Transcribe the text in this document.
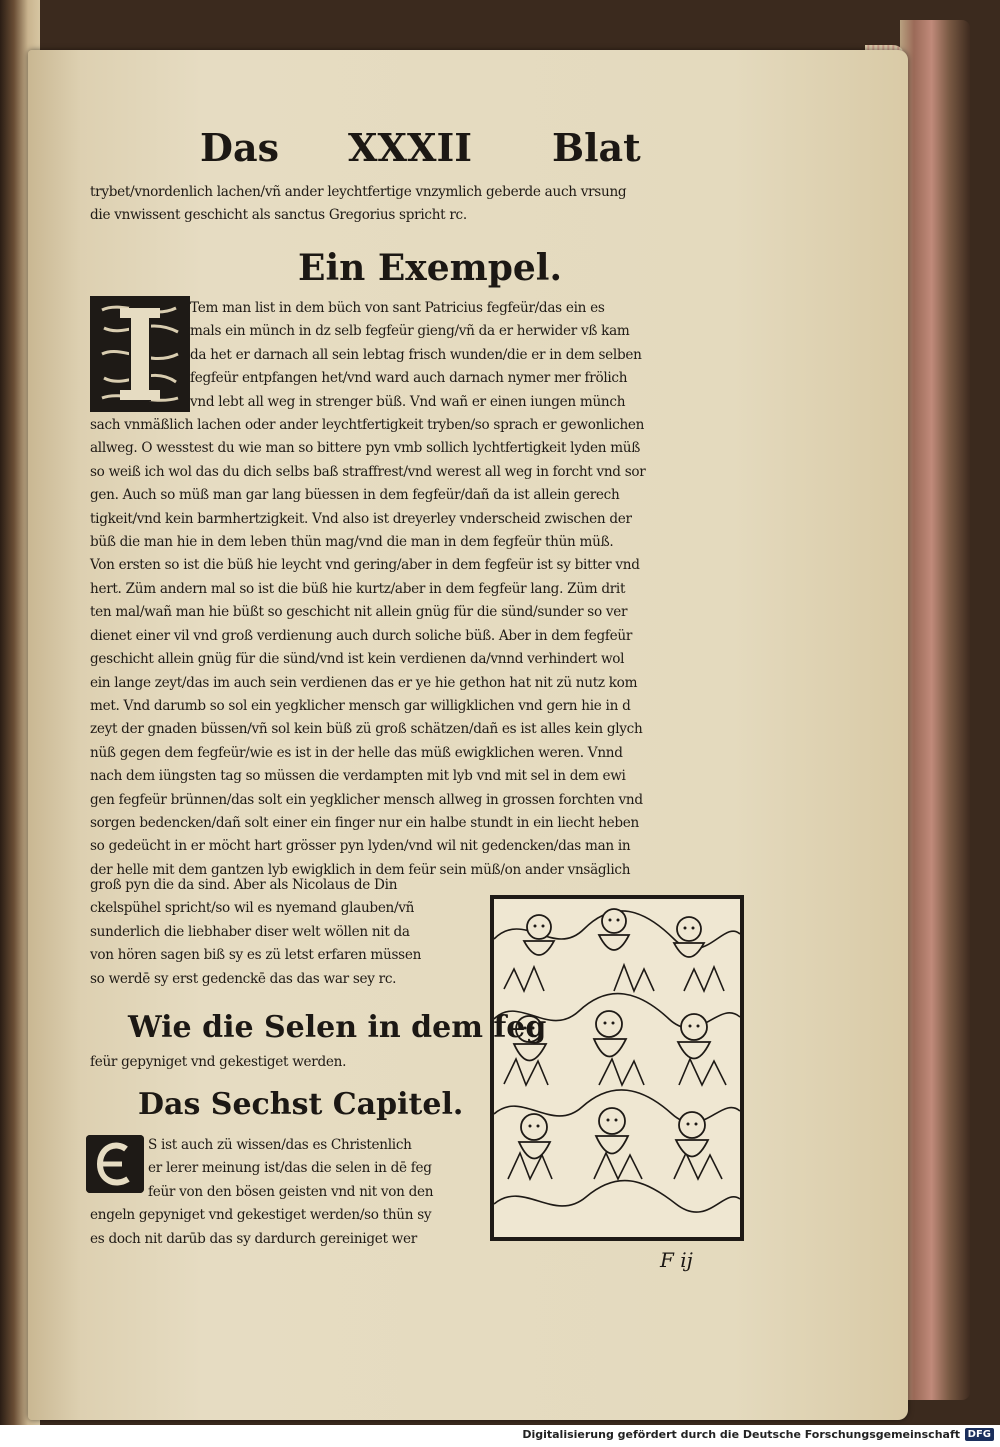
Das XXXII Blat
trybet/vnordenlich lachen/vñ ander leychtfertige vnzymlich geberde auch vrsung
die vnwissent geschicht als sanctus Gregorius spricht rc.
Ein Exempel.
Tem man list in dem büch von sant Patricius fegfeür/das ein es
mals ein münch in dz selb fegfeür gieng/vñ da er herwider vß kam
da het er darnach all sein lebtag frisch wunden/die er in dem selben
fegfeür entpfangen het/vnd ward auch darnach nymer mer frölich
vnd lebt all weg in strenger büß. Vnd wañ er einen iungen münch
sach vnmäßlich lachen oder ander leychtfertigkeit tryben/so sprach er gewonlichen
allweg. O wesstest du wie man so bittere pyn vmb sollich lychtfertigkeit lyden müß
so weiß ich wol das du dich selbs baß straffrest/vnd werest all weg in forcht vnd sor
gen. Auch so müß man gar lang büessen in dem fegfeür/dañ da ist allein gerech
tigkeit/vnd kein barmhertzigkeit. Vnd also ist dreyerley vnderscheid zwischen der
büß die man hie in dem leben thün mag/vnd die man in dem fegfeür thün müß.
Von ersten so ist die büß hie leycht vnd gering/aber in dem fegfeür ist sy bitter vnd
hert. Züm andern mal so ist die büß hie kurtz/aber in dem fegfeür lang. Züm drit
ten mal/wañ man hie büßt so geschicht nit allein gnüg für die sünd/sunder so ver
dienet einer vil vnd groß verdienung auch durch soliche büß. Aber in dem fegfeür
geschicht allein gnüg für die sünd/vnd ist kein verdienen da/vnnd verhindert wol
ein lange zeyt/das im auch sein verdienen das er ye hie gethon hat nit zü nutz kom
met. Vnd darumb so sol ein yegklicher mensch gar willigklichen vnd gern hie in d
zeyt der gnaden büssen/vñ sol kein büß zü groß schätzen/dañ es ist alles kein glych
nüß gegen dem fegfeür/wie es ist in der helle das müß ewigklichen weren. Vnnd
nach dem iüngsten tag so müssen die verdampten mit lyb vnd mit sel in dem ewi
gen fegfeür brünnen/das solt ein yegklicher mensch allweg in grossen forchten vnd
sorgen bedencken/dañ solt einer ein finger nur ein halbe stundt in ein liecht heben
so gedeücht in er möcht hart grösser pyn lyden/vnd wil nit gedencken/das man in
der helle mit dem gantzen lyb ewigklich in dem feür sein müß/on ander vnsäglich
groß pyn die da sind. Aber als Nicolaus de Din
ckelspühel spricht/so wil es nyemand glauben/vñ
sunderlich die liebhaber diser welt wöllen nit da
von hören sagen biß sy es zü letst erfaren müssen
so werdē sy erst gedenckē das das war sey rc.
Wie die Selen in dem feg
feür gepyniget vnd gekestiget werden.
Das Sechst Capitel.
S ist auch zü wissen/das es Christenlich
er lerer meinung ist/das die selen in dē feg
feür von den bösen geisten vnd nit von den
engeln gepyniget vnd gekestiget werden/so thün sy
es doch nit darūb das sy dardurch gereiniget wer
F ij
Digitalisierung gefördert durch die Deutsche Forschungsgemeinschaft DFG
